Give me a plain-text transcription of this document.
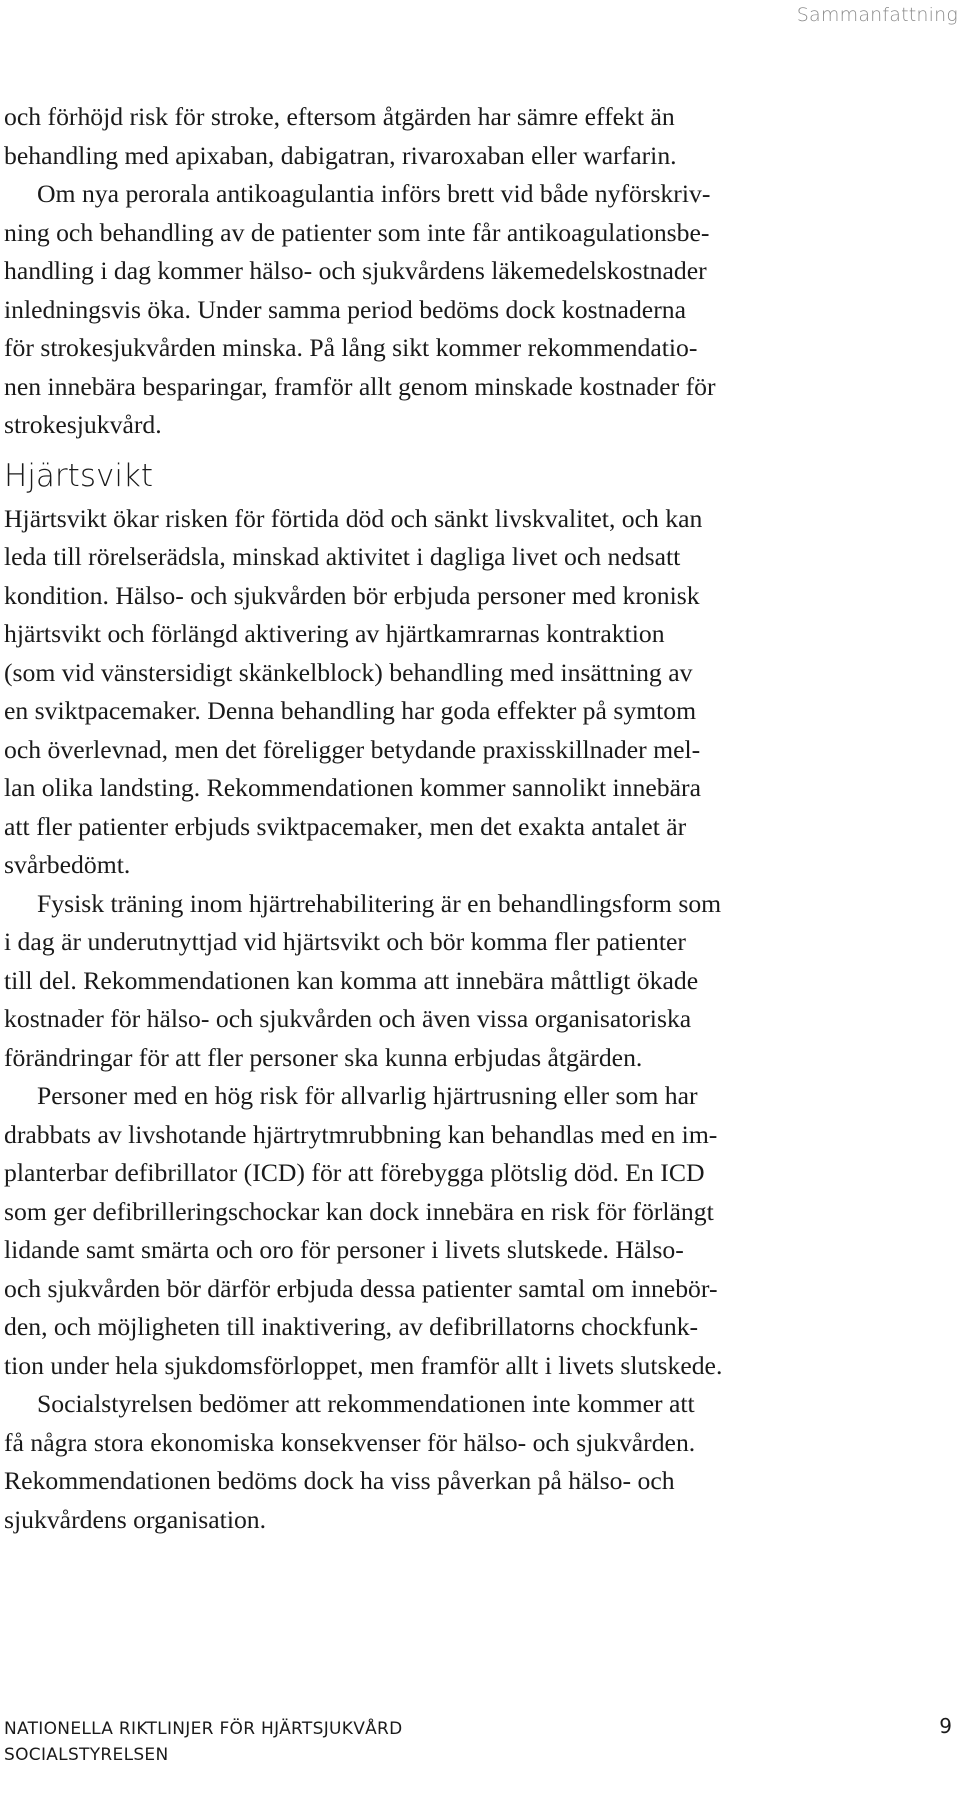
Sammanfattning

och förhöjd risk för stroke, eftersom åtgärden har sämre effekt än
behandling med apixaban, dabigatran, rivaroxaban eller warfarin.

Om nya perorala antikoagulantia införs brett vid både nyförskriv-
ning och behandling av de patienter som inte får antikoagulationsbe-
handling i dag kommer hälso- och sjukvårdens läkemedelskostnader
inledningsvis öka. Under samma period bedöms dock kostnaderna
för strokesjukvården minska. På lång sikt kommer rekommendatio-
nen innebära besparingar, framför allt genom minskade kostnader för
strokesjukvård.

Hjärtsvikt

Hjärtsvikt ökar risken för förtida död och sänkt livskvalitet, och kan
leda till rörelserädsla, minskad aktivitet i dagliga livet och nedsatt
kondition. Hälso- och sjukvården bör erbjuda personer med kronisk
hjärtsvikt och förlängd aktivering av hjärtkamrarnas kontraktion
(som vid vänstersidigt skänkelblock) behandling med insättning av
en sviktpacemaker. Denna behandling har goda effekter på symtom
och överlevnad, men det föreligger betydande praxisskillnader mel-
lan olika landsting. Rekommendationen kommer sannolikt innebära
att fler patienter erbjuds sviktpacemaker, men det exakta antalet är
svårbedömt.

Fysisk träning inom hjärtrehabilitering är en behandlingsform som
i dag är underutnyttjad vid hjärtsvikt och bör komma fler patienter
till del. Rekommendationen kan komma att innebära måttligt ökade
kostnader för hälso- och sjukvården och även vissa organisatoriska
förändringar för att fler personer ska kunna erbjudas åtgärden.

Personer med en hög risk för allvarlig hjärtrusning eller som har
drabbats av livshotande hjärtrytmrubbning kan behandlas med en im-
planterbar defibrillator (ICD) för att förebygga plötslig död. En ICD
som ger defibrilleringschockar kan dock innebära en risk för förlängt
lidande samt smärta och oro för personer i livets slutskede. Hälso-
och sjukvården bör därför erbjuda dessa patienter samtal om innebör-
den, och möjligheten till inaktivering, av defibrillatorns chockfunk-
tion under hela sjukdomsförloppet, men framför allt i livets slutskede.

Socialstyrelsen bedömer att rekommendationen inte kommer att
få några stora ekonomiska konsekvenser för hälso- och sjukvården.
Rekommendationen bedöms dock ha viss påverkan på hälso- och
sjukvårdens organisation.

NATIONELLA RIKTLINJER FÖR HJÄRTSJUKVÅRD
SOCIALSTYRELSEN
9
